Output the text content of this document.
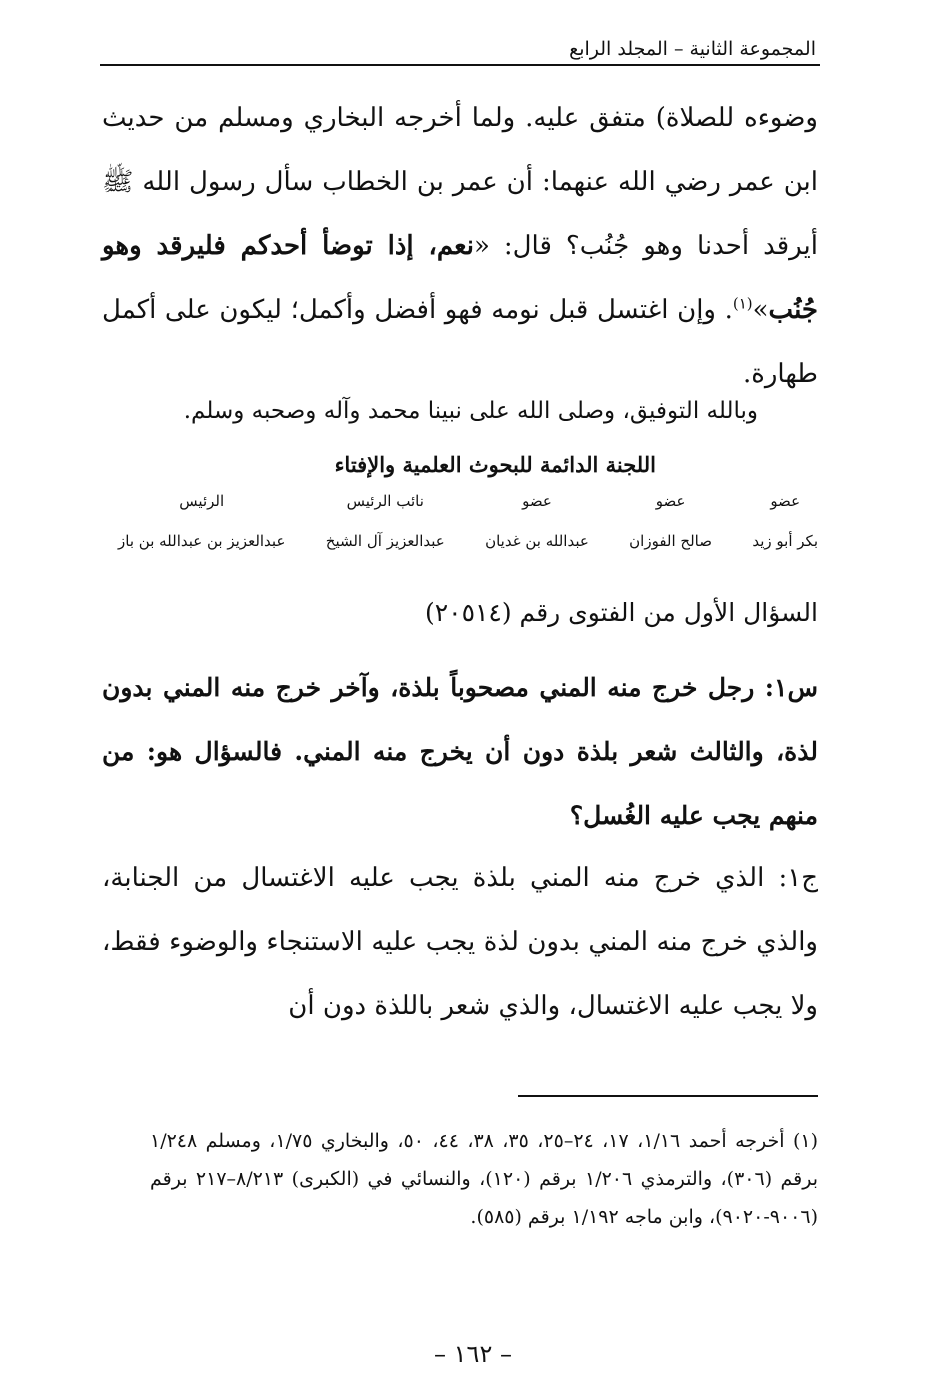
المجموعة الثانية – المجلد الرابع
وضوءه للصلاة) متفق عليه. ولما أخرجه البخاري ومسلم من حديث ابن عمر رضي الله عنهما: أن عمر بن الخطاب سأل رسول الله ﷺ أيرقد أحدنا وهو جُنُب؟ قال: «نعم، إذا توضأ أحدكم فليرقد وهو جُنُب»$^{(١)}$. وإن اغتسل قبل نومه فهو أفضل وأكمل؛ ليكون على أكمل طهارة.
وبالله التوفيق، وصلى الله على نبينا محمد وآله وصحبه وسلم.
اللجنة الدائمة للبحوث العلمية والإفتاء
عضو
بكر أبو زيد
عضو
صالح الفوزان
عضو
عبدالله بن غديان
نائب الرئيس
عبدالعزيز آل الشيخ
الرئيس
عبدالعزيز بن عبدالله بن باز
السؤال الأول من الفتوى رقم (٢٠٥١٤)
س١: رجل خرج منه المني مصحوباً بلذة، وآخر خرج منه المني بدون لذة، والثالث شعر بلذة دون أن يخرج منه المني. فالسؤال هو: من منهم يجب عليه الغُسل؟
ج١: الذي خرج منه المني بلذة يجب عليه الاغتسال من الجنابة، والذي خرج منه المني بدون لذة يجب عليه الاستنجاء والوضوء فقط، ولا يجب عليه الاغتسال، والذي شعر باللذة دون أن
(١) أخرجه أحمد ١/١٦، ١٧، ٢٤–٢٥، ٣٥، ٣٨، ٤٤، ٥٠، والبخاري ١/٧٥، ومسلم ١/٢٤٨ برقم (٣٠٦)، والترمذي ١/٢٠٦ برقم (١٢٠)، والنسائي في (الكبرى) ٨/٢١٣–٢١٧ برقم (٩٠٠٦-٩٠٢٠)، وابن ماجه ١/١٩٢ برقم (٥٨٥).
– ١٦٢ –
